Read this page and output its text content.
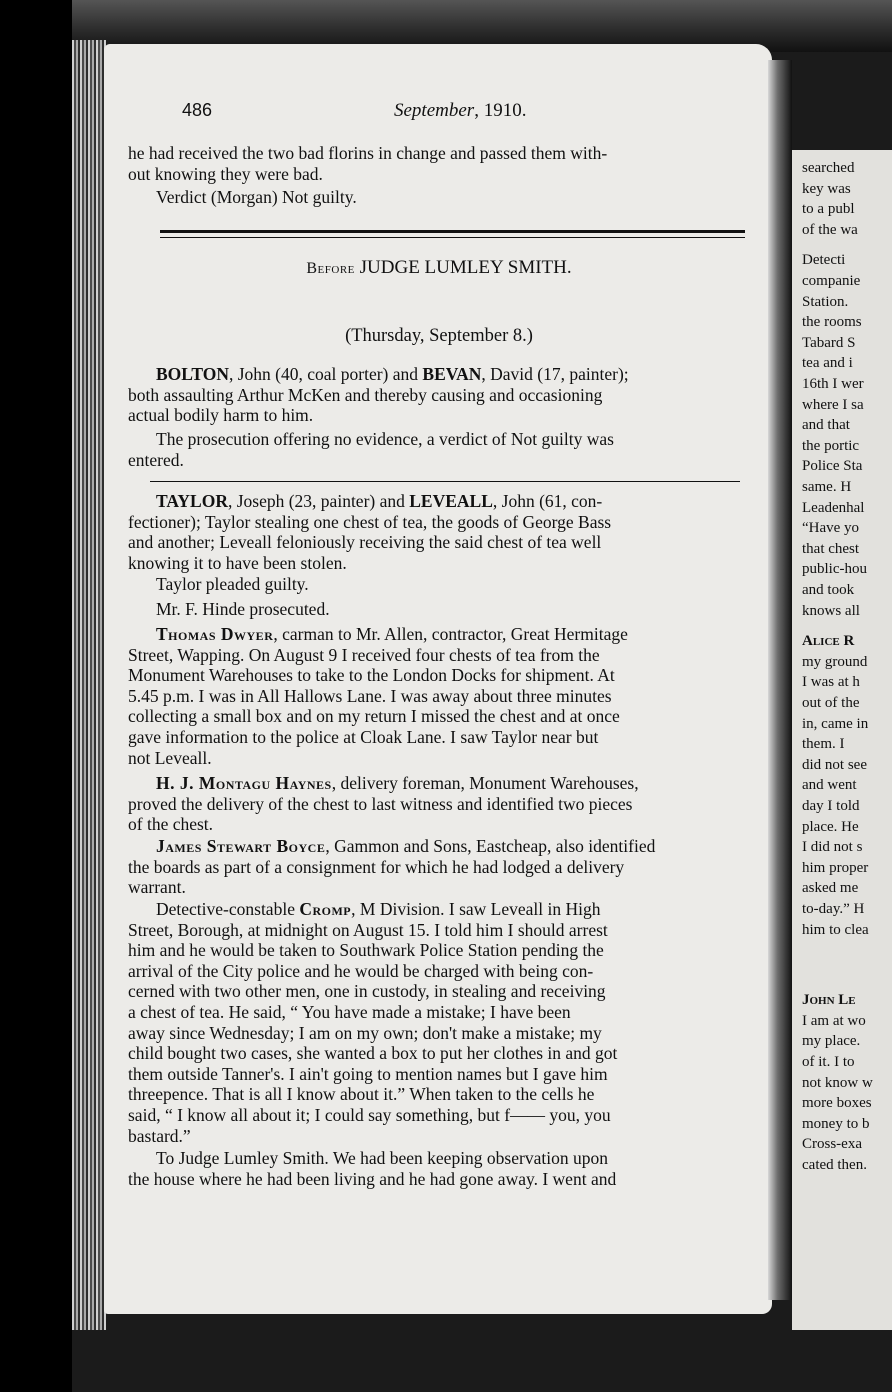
searched
key was
to a publ
of the wa
Detecti
companie
Station.
the rooms
Tabard S
tea and i
16th I wer
where I sa
and that
the portic
Police Sta
same. H
Leadenhal
“Have yo
that chest
public-hou
and took
knows all
Alice R
my ground
I was at h
out of the
in, came in
them. I
did not see
and went
day I told
place. He
I did not s
him proper
asked me
to-day.” H
him to clea
John Le
I am at wo
my place.
of it. I to
not know w
more boxes
money to b
Cross-exa
cated then.
486	September, 1910.

he had received the two bad florins in change and passed them with-
out knowing they were bad.

Verdict (Morgan) Not guilty.

Before JUDGE LUMLEY SMITH.
(Thursday, September 8.)

BOLTON, John (40, coal porter) and BEVAN, David (17, painter);
both assaulting Arthur McKen and thereby causing and occasioning
actual bodily harm to him.

The prosecution offering no evidence, a verdict of Not guilty was
entered.

TAYLOR, Joseph (23, painter) and LEVEALL, John (61, con-
fectioner); Taylor stealing one chest of tea, the goods of George Bass
and another; Leveall feloniously receiving the said chest of tea well
knowing it to have been stolen.

Taylor pleaded guilty.

Mr. F. Hinde prosecuted.

Thomas Dwyer, carman to Mr. Allen, contractor, Great Hermitage
Street, Wapping. On August 9 I received four chests of tea from the
Monument Warehouses to take to the London Docks for shipment. At
5.45 p.m. I was in All Hallows Lane. I was away about three minutes
collecting a small box and on my return I missed the chest and at once
gave information to the police at Cloak Lane. I saw Taylor near but
not Leveall.

H. J. Montagu Haynes, delivery foreman, Monument Warehouses,
proved the delivery of the chest to last witness and identified two pieces
of the chest.

James Stewart Boyce, Gammon and Sons, Eastcheap, also identified
the boards as part of a consignment for which he had lodged a delivery
warrant.

Detective-constable Cromp, M Division. I saw Leveall in High
Street, Borough, at midnight on August 15. I told him I should arrest
him and he would be taken to Southwark Police Station pending the
arrival of the City police and he would be charged with being con-
cerned with two other men, one in custody, in stealing and receiving
a chest of tea. He said, “ You have made a mistake; I have been
away since Wednesday; I am on my own; don't make a mistake; my
child bought two cases, she wanted a box to put her clothes in and got
them outside Tanner's. I ain't going to mention names but I gave him
threepence. That is all I know about it.” When taken to the cells he
said, “ I know all about it; I could say something, but f—— you, you
bastard.”

To Judge Lumley Smith. We had been keeping observation upon
the house where he had been living and he had gone away. I went and
